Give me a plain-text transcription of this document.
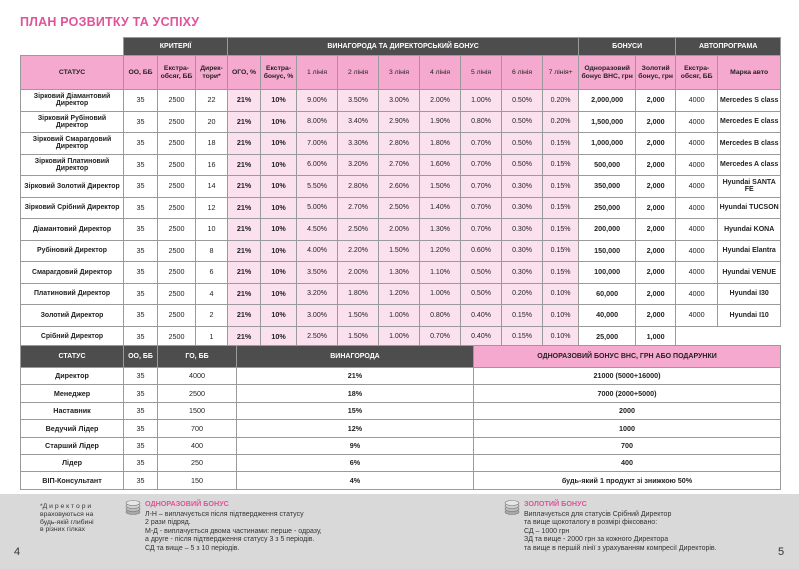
ПЛАН РОЗВИТКУ ТА УСПІХУ
	КРИТЕРІЇ			ВИНАГОРОДА ТА ДИРЕКТОРСЬКИЙ БОНУС									БОНУСИ		АВТОПРОГРАМА	
СТАТУС	ОО, ББ	Екстра-обсяг, ББ	Дирек-тори*	ОГО, %	Екстра-бонус, %	1 лінія	2 лінія	3 лінія	4 лінія	5 лінія	6 лінія	7 лінія+	Одноразовий бонус ВНС, грн	Золотий бонус, грн	Екстра-обсяг, ББ	Марка авто
Зірковий Діамантовий Директор	35	2500	22	21%	10%	9.00%	3.50%	3.00%	2.00%	1.00%	0.50%	0.20%	2,000,000	2,000	4000	Mercedes S class
Зірковий Рубіновий Директор	35	2500	20	21%	10%	8.00%	3.40%	2.90%	1.90%	0.80%	0.50%	0.20%	1,500,000	2,000	4000	Mercedes E class
Зірковий Смарагдовий Директор	35	2500	18	21%	10%	7.00%	3.30%	2.80%	1.80%	0.70%	0.50%	0.15%	1,000,000	2,000	4000	Mercedes B class
Зірковий Платиновий Директор	35	2500	16	21%	10%	6.00%	3.20%	2.70%	1.60%	0.70%	0.50%	0.15%	500,000	2,000	4000	Mercedes A class
Зірковий Золотий Директор	35	2500	14	21%	10%	5.50%	2.80%	2.60%	1.50%	0.70%	0.30%	0.15%	350,000	2,000	4000	Hyundai SANTA FE
Зірковий Срібний Директор	35	2500	12	21%	10%	5.00%	2.70%	2.50%	1.40%	0.70%	0.30%	0.15%	250,000	2,000	4000	Hyundai TUCSON
Діамантовий Директор	35	2500	10	21%	10%	4.50%	2.50%	2.00%	1.30%	0.70%	0.30%	0.15%	200,000	2,000	4000	Hyundai KONA
Рубіновий Директор	35	2500	8	21%	10%	4.00%	2.20%	1.50%	1.20%	0.60%	0.30%	0.15%	150,000	2,000	4000	Hyundai Elantra
Смарагдовий Директор	35	2500	6	21%	10%	3.50%	2.00%	1.30%	1.10%	0.50%	0.30%	0.15%	100,000	2,000	4000	Hyundai VENUE
Платиновий Директор	35	2500	4	21%	10%	3.20%	1.80%	1.20%	1.00%	0.50%	0.20%	0.10%	60,000	2,000	4000	Hyundai I30
Золотий Директор	35	2500	2	21%	10%	3.00%	1.50%	1.00%	0.80%	0.40%	0.15%	0.10%	40,000	2,000	4000	Hyundai I10
Срібний Директор	35	2500	1	21%	10%	2.50%	1.50%	1.00%	0.70%	0.40%	0.15%	0.10%	25,000	1,000		
СТАТУС	ОО, ББ	ГО, ББ	ВИНАГОРОДА	ОДНОРАЗОВИЙ БОНУС ВНС, ГРН АБО ПОДАРУНКИ
Директор	35	4000	21%	21000 (5000+16000)
Менеджер	35	2500	18%	7000 (2000+5000)
Наставник	35	1500	15%	2000
Ведучий Лідер	35	700	12%	1000
Старший Лідер	35	400	9%	700
Лідер	35	250	6%	400
ВІП-Консультант	35	150	4%	будь-який 1 продукт зі знижкою 50%
*Д и р е к т о р и
враховуються на
будь-якій глибині
в різних гілках
ОДНОРАЗОВИЙ БОНУС
Л-Н – виплачується після підтвердження статусу
2 рази підряд.
М-Д - виплачується двома частинами: перше - одразу,
а друге - після підтвердження статусу 3 з 5 періодів.
СД та вище – 5 з 10 періодів.
ЗОЛОТИЙ БОНУС
Виплачується для статусів Срібний Директор
та вище щокоталогу в розмірі фіксовано:
СД – 1000 грн
ЗД та вище - 2000 грн за кожного Директора
та вище в першій лінії з урахуванням компресії Директорів.
4	5
